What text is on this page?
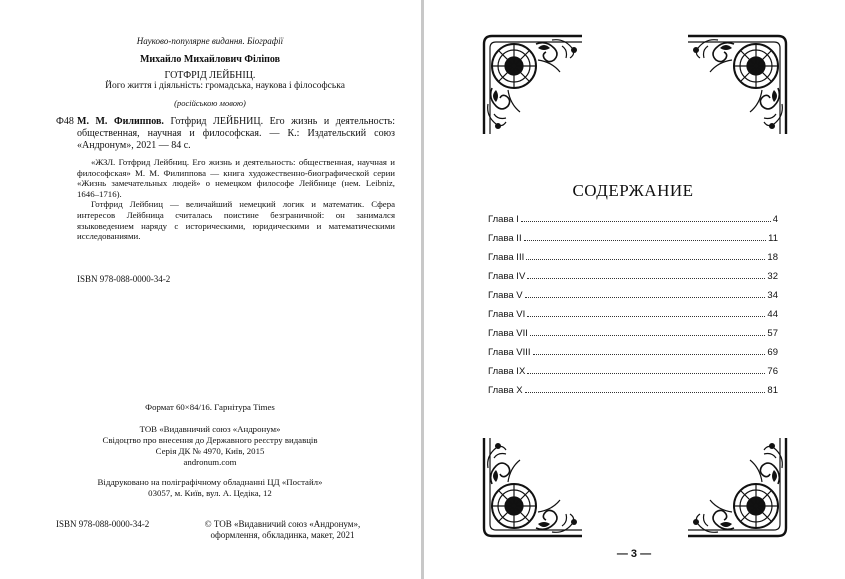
Науково-популярне видання. Біографії

Михайло Михайлович Філіпов

ГОТФРІД ЛЕЙБНІЦ.

Його життя і діяльність: громадська, наукова і філософська

(російською мовою)

Ф48 М. М. Филиппов. Готфрид ЛЕЙБНИЦ. Его жизнь и деятельность: общественная, научная и философская. — К.: Издательский союз «Андронум», 2021 — 84 с.

«ЖЗЛ. Готфрид Лейбниц. Его жизнь и деятельность: общественная, научная и философская» М. М. Филиппова — книга художественно-биографической серии «Жизнь замечательных людей» о немецком философе Лейбнице (нем. Leibniz, 1646–1716).

Готфрид Лейбниц — величайший немецкий логик и математик. Сфера интересов Лейбница считалась поистине безграничной: он занимался языковедением наряду с историческими, юридическими и математическими исследованиями.

ISBN 978-088-0000-34-2

Формат 60×84/16. Гарнітура Times
ТОВ «Видавничий союз «Андронум»
Свідоцтво про внесення до Державного реєстру видавців
Серія ДК № 4970, Київ, 2015
andronum.com
Віддруковано на поліграфічному обладнанні ЦД «Постайл»
03057, м. Київ, вул. А. Цедіка, 12

ISBN 978-088-0000-34-2	© ТОВ «Видавничий союз «Андронум»,
оформлення, обкладинка, макет, 2021
СОДЕРЖАНИЕ
Глава I	4
Глава II	11
Глава III	18
Глава IV	32
Глава V	34
Глава VI	44
Глава VII	57
Глава VIII	69
Глава IX	76
Глава X	81

— 3 —
